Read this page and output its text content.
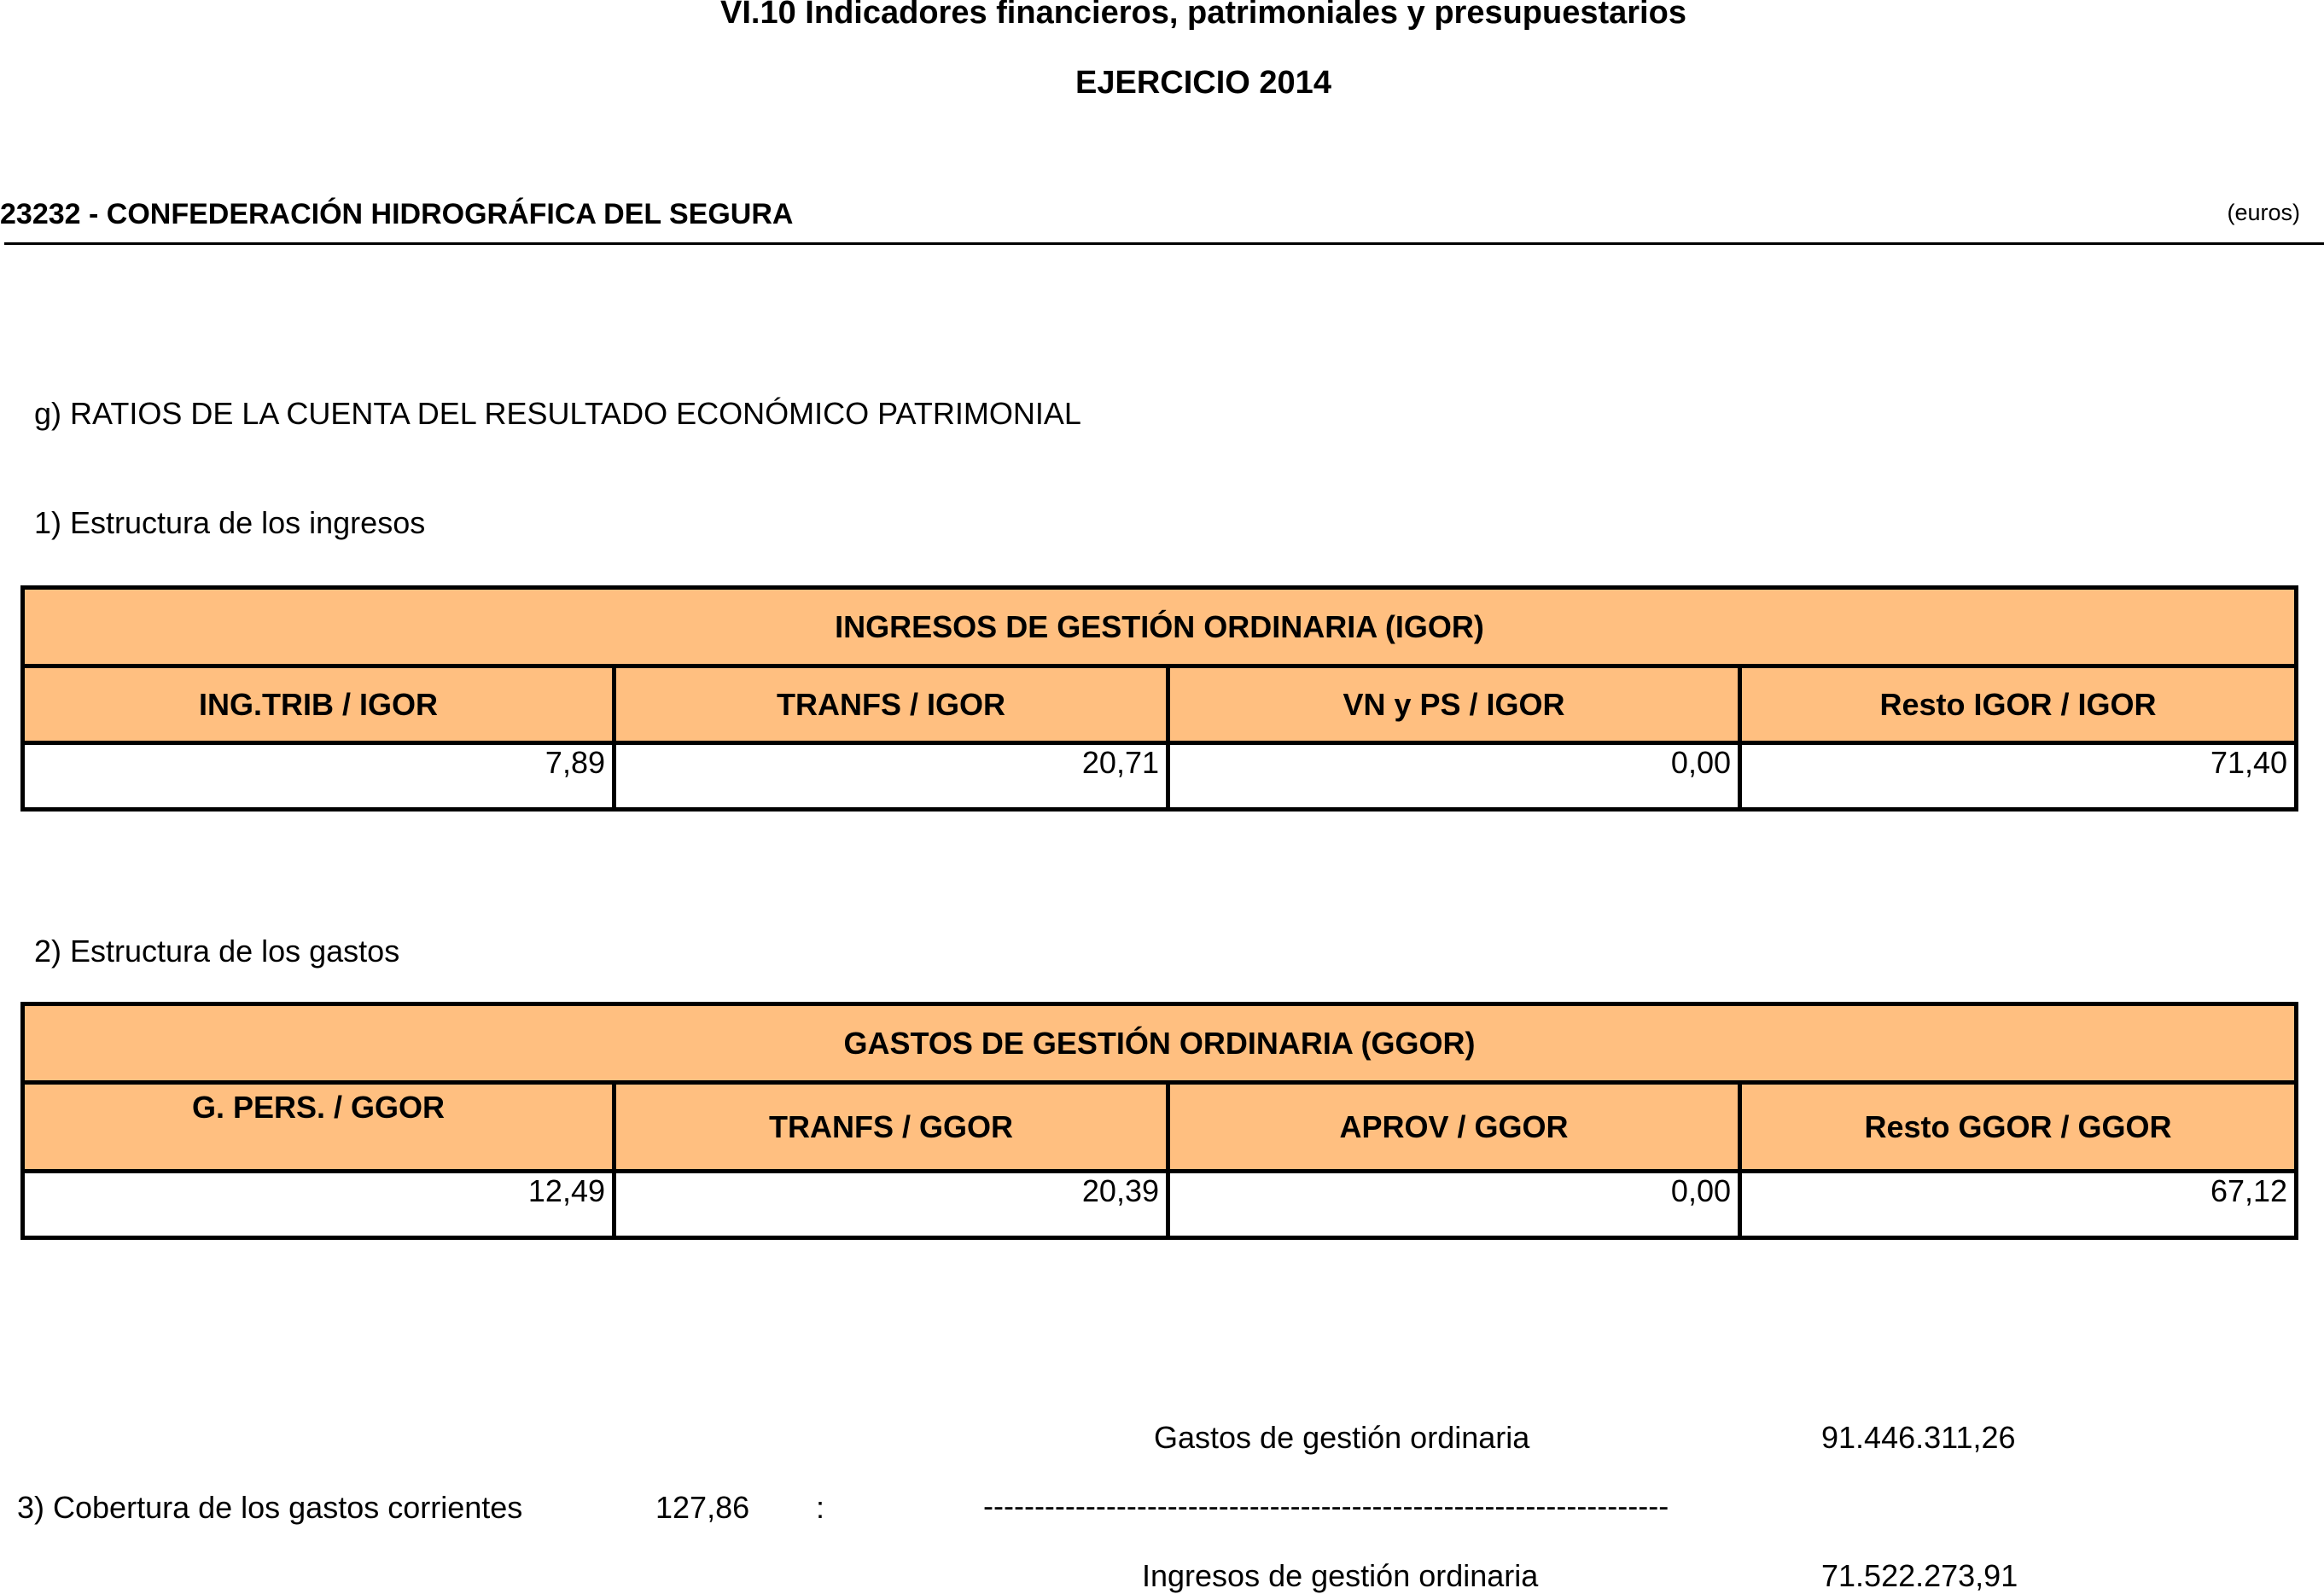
VI.10 Indicadores financieros, patrimoniales y presupuestarios
EJERCICIO 2014
23232 - CONFEDERACIÓN HIDROGRÁFICA DEL SEGURA	(euros)
g) RATIOS DE LA CUENTA DEL RESULTADO ECONÓMICO PATRIMONIAL
1) Estructura de los ingresos
INGRESOS DE GESTIÓN ORDINARIA (IGOR)			
ING.TRIB / IGOR	TRANFS / IGOR	VN y PS / IGOR	Resto IGOR / IGOR
7,89	20,71	0,00	71,40
2) Estructura de los gastos
GASTOS DE GESTIÓN ORDINARIA (GGOR)			
G. PERS. / GGOR	TRANFS / GGOR	APROV / GGOR	Resto GGOR / GGOR
12,49	20,39	0,00	67,12
Gastos de gestión ordinaria	91.446.311,26
3) Cobertura de los gastos corrientes	127,86 :	-------------------------------------------------------------------
Ingresos de gestión ordinaria	71.522.273,91
